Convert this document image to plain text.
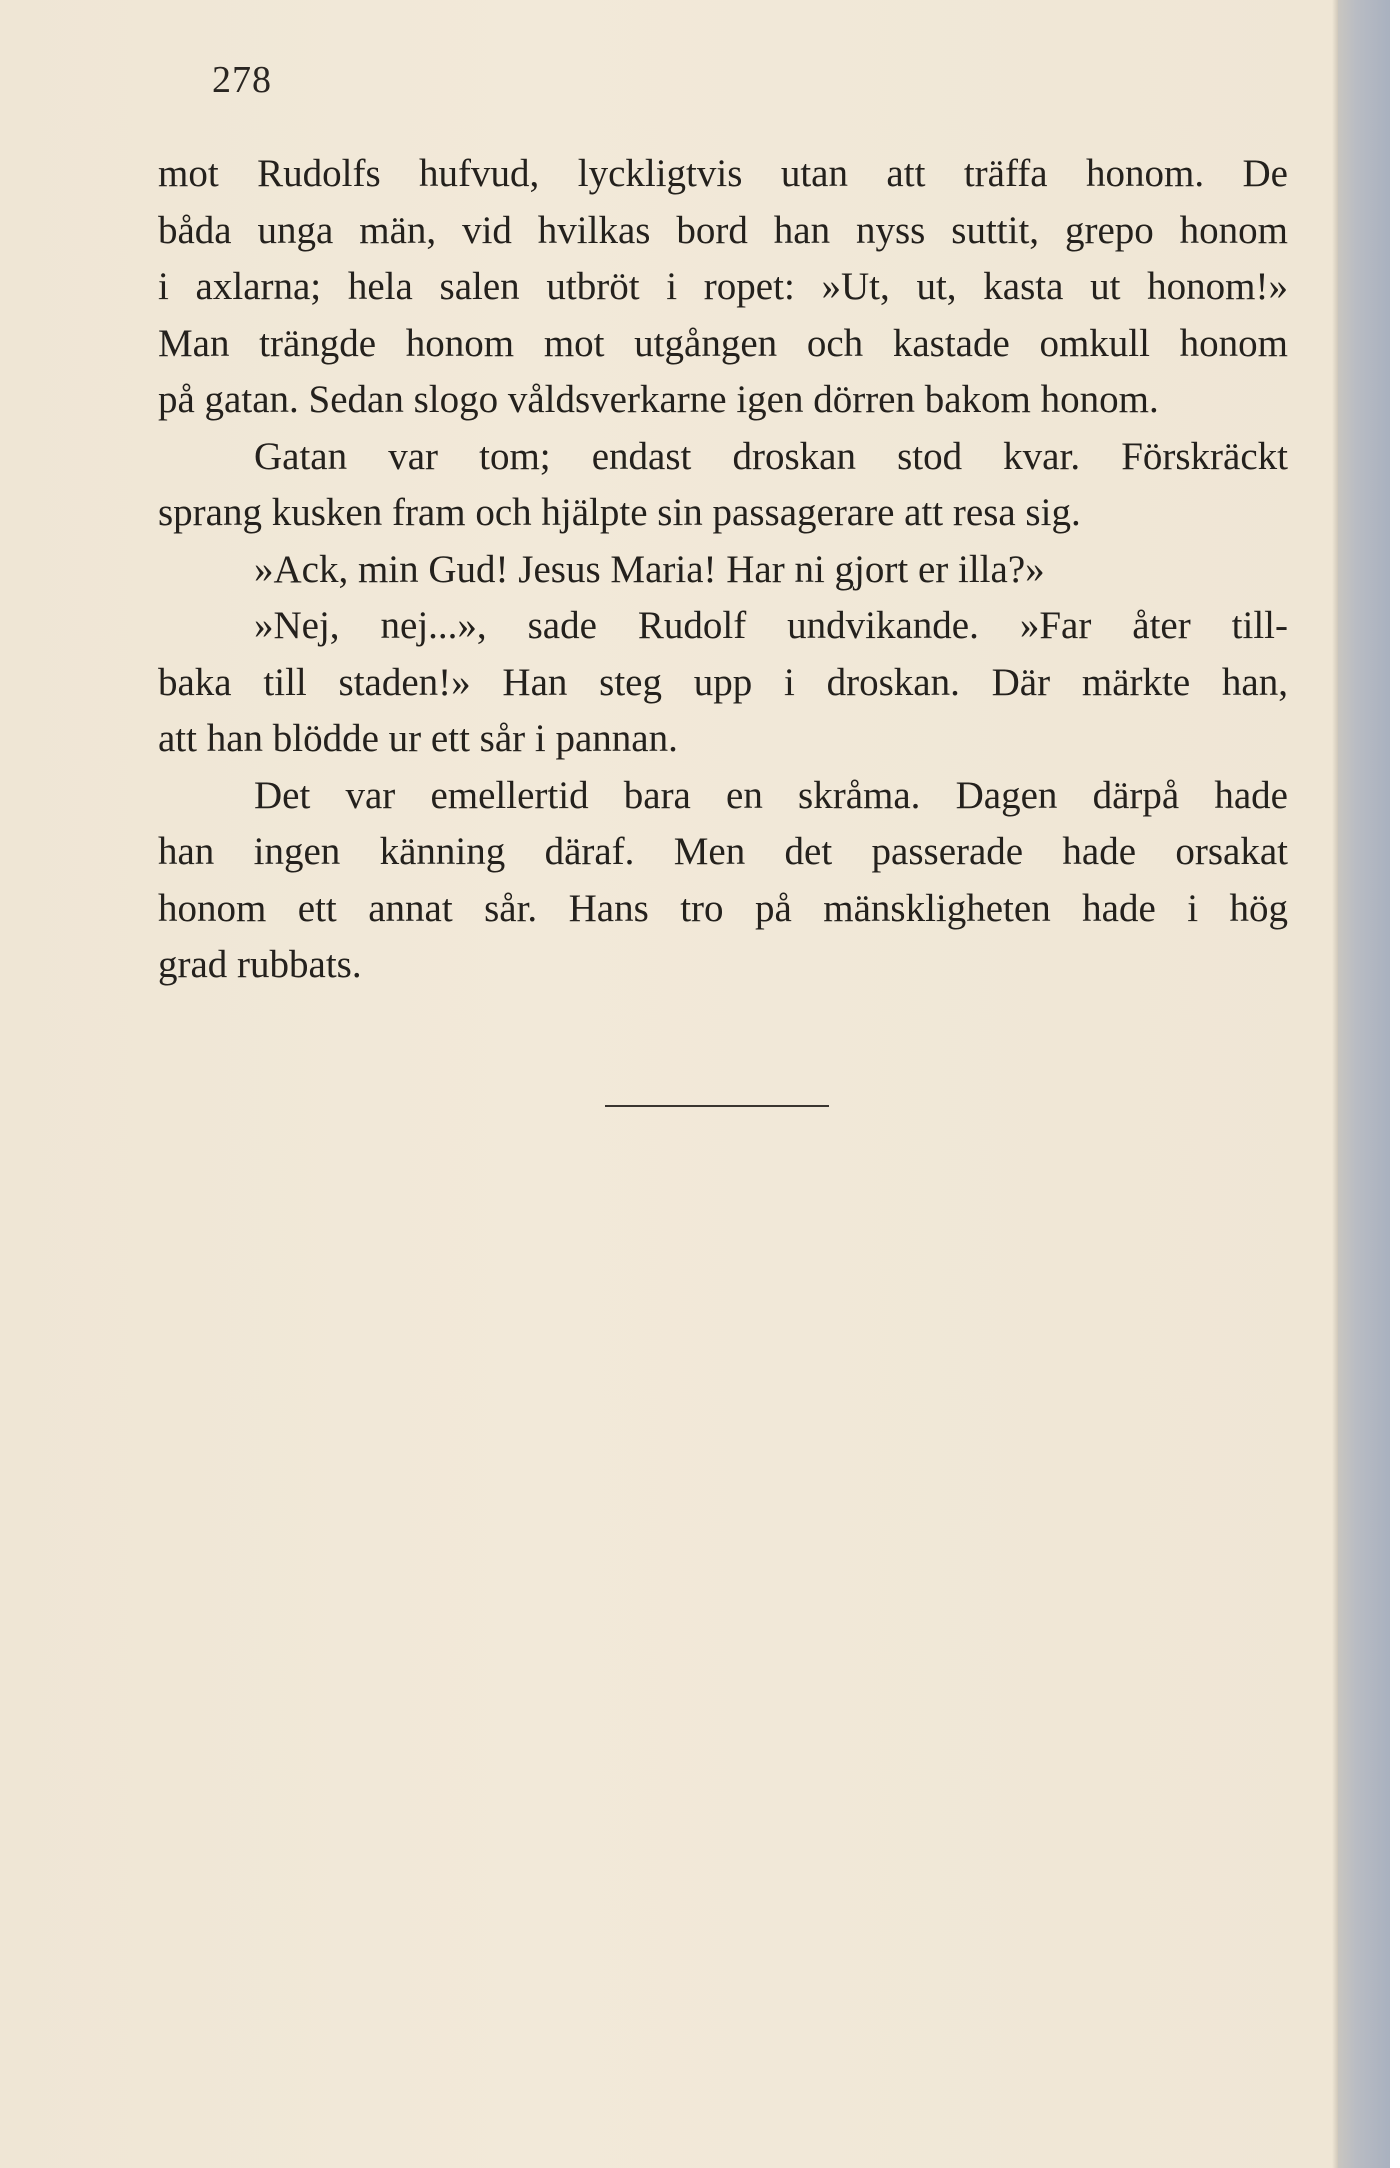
278
mot Rudolfs hufvud, lyckligtvis utan att träffa honom. De
båda unga män, vid hvilkas bord han nyss suttit, grepo honom
i axlarna; hela salen utbröt i ropet: »Ut, ut, kasta ut honom!»
Man trängde honom mot utgången och kastade omkull honom
på gatan. Sedan slogo våldsverkarne igen dörren bakom honom.
Gatan var tom; endast droskan stod kvar. Förskräckt
sprang kusken fram och hjälpte sin passagerare att resa sig.
»Ack, min Gud! Jesus Maria! Har ni gjort er illa?»
»Nej, nej...», sade Rudolf undvikande. »Far åter till-
baka till staden!» Han steg upp i droskan. Där märkte han,
att han blödde ur ett sår i pannan.
Det var emellertid bara en skråma. Dagen därpå hade
han ingen känning däraf. Men det passerade hade orsakat
honom ett annat sår. Hans tro på mänskligheten hade i hög
grad rubbats.
